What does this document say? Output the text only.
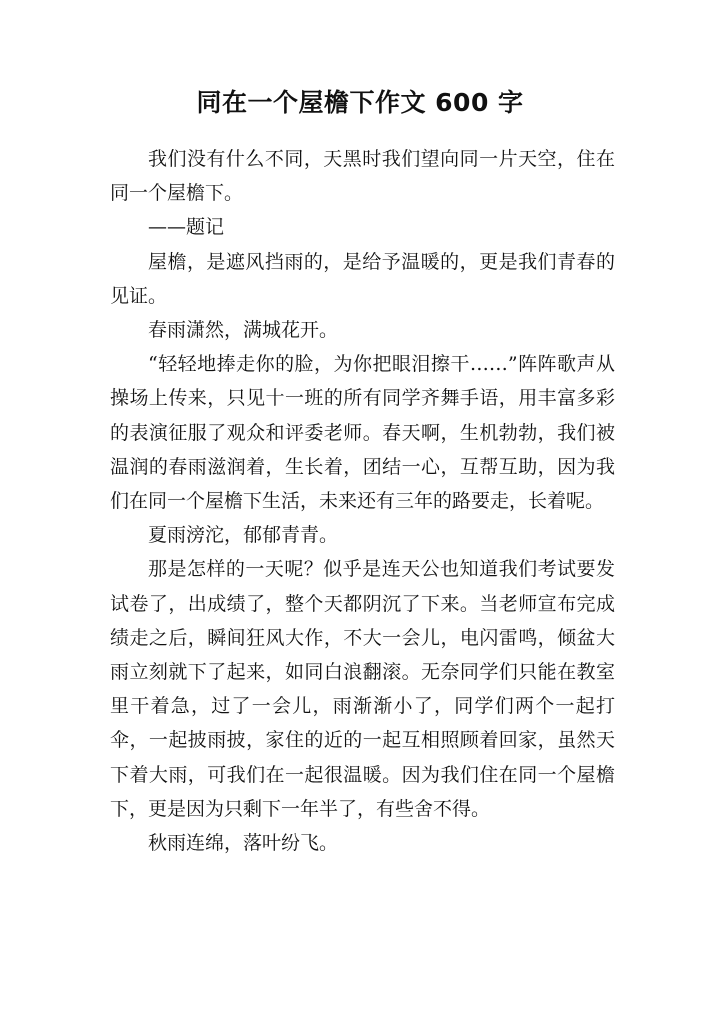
同在一个屋檐下作文 600 字

我们没有什么不同，天黑时我们望向同一片天空，住在同一个屋檐下。

——题记

屋檐，是遮风挡雨的，是给予温暖的，更是我们青春的见证。

春雨潇然，满城花开。

“轻轻地捧走你的脸，为你把眼泪擦干……”阵阵歌声从操场上传来，只见十一班的所有同学齐舞手语，用丰富多彩的表演征服了观众和评委老师。春天啊，生机勃勃，我们被温润的春雨滋润着，生长着，团结一心，互帮互助，因为我们在同一个屋檐下生活，未来还有三年的路要走，长着呢。

夏雨滂沱，郁郁青青。

那是怎样的一天呢？似乎是连天公也知道我们考试要发试卷了，出成绩了，整个天都阴沉了下来。当老师宣布完成绩走之后，瞬间狂风大作，不大一会儿，电闪雷鸣，倾盆大雨立刻就下了起来，如同白浪翻滚。无奈同学们只能在教室里干着急，过了一会儿，雨渐渐小了，同学们两个一起打伞，一起披雨披，家住的近的一起互相照顾着回家，虽然天下着大雨，可我们在一起很温暖。因为我们住在同一个屋檐下，更是因为只剩下一年半了，有些舍不得。

秋雨连绵，落叶纷飞。
